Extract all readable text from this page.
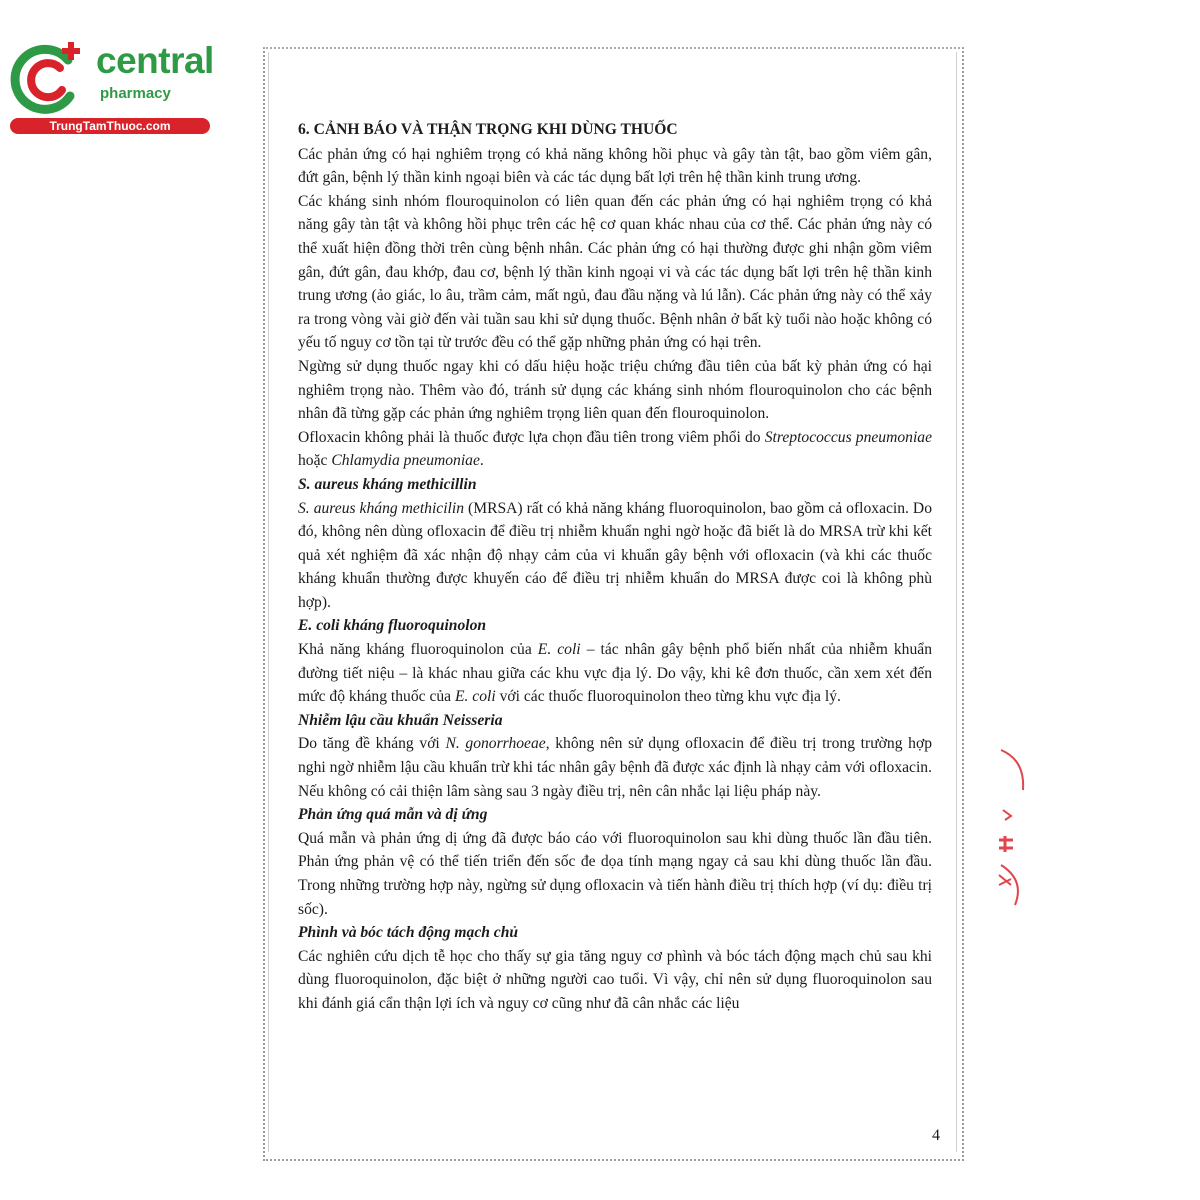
central
pharmacy
TrungTamThuoc.com	6. CẢNH BÁO VÀ THẬN TRỌNG KHI DÙNG THUỐC

Các phản ứng có hại nghiêm trọng có khả năng không hồi phục và gây tàn tật, bao gồm viêm gân, đứt gân, bệnh lý thần kinh ngoại biên và các tác dụng bất lợi trên hệ thần kinh trung ương.

Các kháng sinh nhóm flouroquinolon có liên quan đến các phản ứng có hại nghiêm trọng có khả năng gây tàn tật và không hồi phục trên các hệ cơ quan khác nhau của cơ thể. Các phản ứng này có thể xuất hiện đồng thời trên cùng bệnh nhân. Các phản ứng có hại thường được ghi nhận gồm viêm gân, đứt gân, đau khớp, đau cơ, bệnh lý thần kinh ngoại vi và các tác dụng bất lợi trên hệ thần kinh trung ương (ảo giác, lo âu, trầm cảm, mất ngủ, đau đầu nặng và lú lẫn). Các phản ứng này có thể xảy ra trong vòng vài giờ đến vài tuần sau khi sử dụng thuốc. Bệnh nhân ở bất kỳ tuổi nào hoặc không có yếu tố nguy cơ tồn tại từ trước đều có thể gặp những phản ứng có hại trên.

Ngừng sử dụng thuốc ngay khi có dấu hiệu hoặc triệu chứng đầu tiên của bất kỳ phản ứng có hại nghiêm trọng nào. Thêm vào đó, tránh sử dụng các kháng sinh nhóm flouroquinolon cho các bệnh nhân đã từng gặp các phản ứng nghiêm trọng liên quan đến flouroquinolon.

Ofloxacin không phải là thuốc được lựa chọn đầu tiên trong viêm phổi do Streptococcus pneumoniae hoặc Chlamydia pneumoniae.

S. aureus kháng methicillin

S. aureus kháng methicilin (MRSA) rất có khả năng kháng fluoroquinolon, bao gồm cả ofloxacin. Do đó, không nên dùng ofloxacin để điều trị nhiễm khuẩn nghi ngờ hoặc đã biết là do MRSA trừ khi kết quả xét nghiệm đã xác nhận độ nhạy cảm của vi khuẩn gây bệnh với ofloxacin (và khi các thuốc kháng khuẩn thường được khuyến cáo để điều trị nhiễm khuẩn do MRSA được coi là không phù hợp).

E. coli kháng fluoroquinolon

Khả năng kháng fluoroquinolon của E. coli – tác nhân gây bệnh phổ biến nhất của nhiễm khuẩn đường tiết niệu – là khác nhau giữa các khu vực địa lý. Do vậy, khi kê đơn thuốc, cần xem xét đến mức độ kháng thuốc của E. coli với các thuốc fluoroquinolon theo từng khu vực địa lý.

Nhiễm lậu cầu khuẩn Neisseria

Do tăng đề kháng với N. gonorrhoeae, không nên sử dụng ofloxacin để điều trị trong trường hợp nghi ngờ nhiễm lậu cầu khuẩn trừ khi tác nhân gây bệnh đã được xác định là nhạy cảm với ofloxacin. Nếu không có cải thiện lâm sàng sau 3 ngày điều trị, nên cân nhắc lại liệu pháp này.

Phản ứng quá mẫn và dị ứng

Quá mẫn và phản ứng dị ứng đã được báo cáo với fluoroquinolon sau khi dùng thuốc lần đầu tiên. Phản ứng phản vệ có thể tiến triển đến sốc đe dọa tính mạng ngay cả sau khi dùng thuốc lần đầu. Trong những trường hợp này, ngừng sử dụng ofloxacin và tiến hành điều trị thích hợp (ví dụ: điều trị sốc).

Phình và bóc tách động mạch chủ

Các nghiên cứu dịch tễ học cho thấy sự gia tăng nguy cơ phình và bóc tách động mạch chủ sau khi dùng fluoroquinolon, đặc biệt ở những người cao tuổi. Vì vậy, chỉ nên sử dụng fluoroquinolon sau khi đánh giá cẩn thận lợi ích và nguy cơ cũng như đã cân nhắc các liệu

4
